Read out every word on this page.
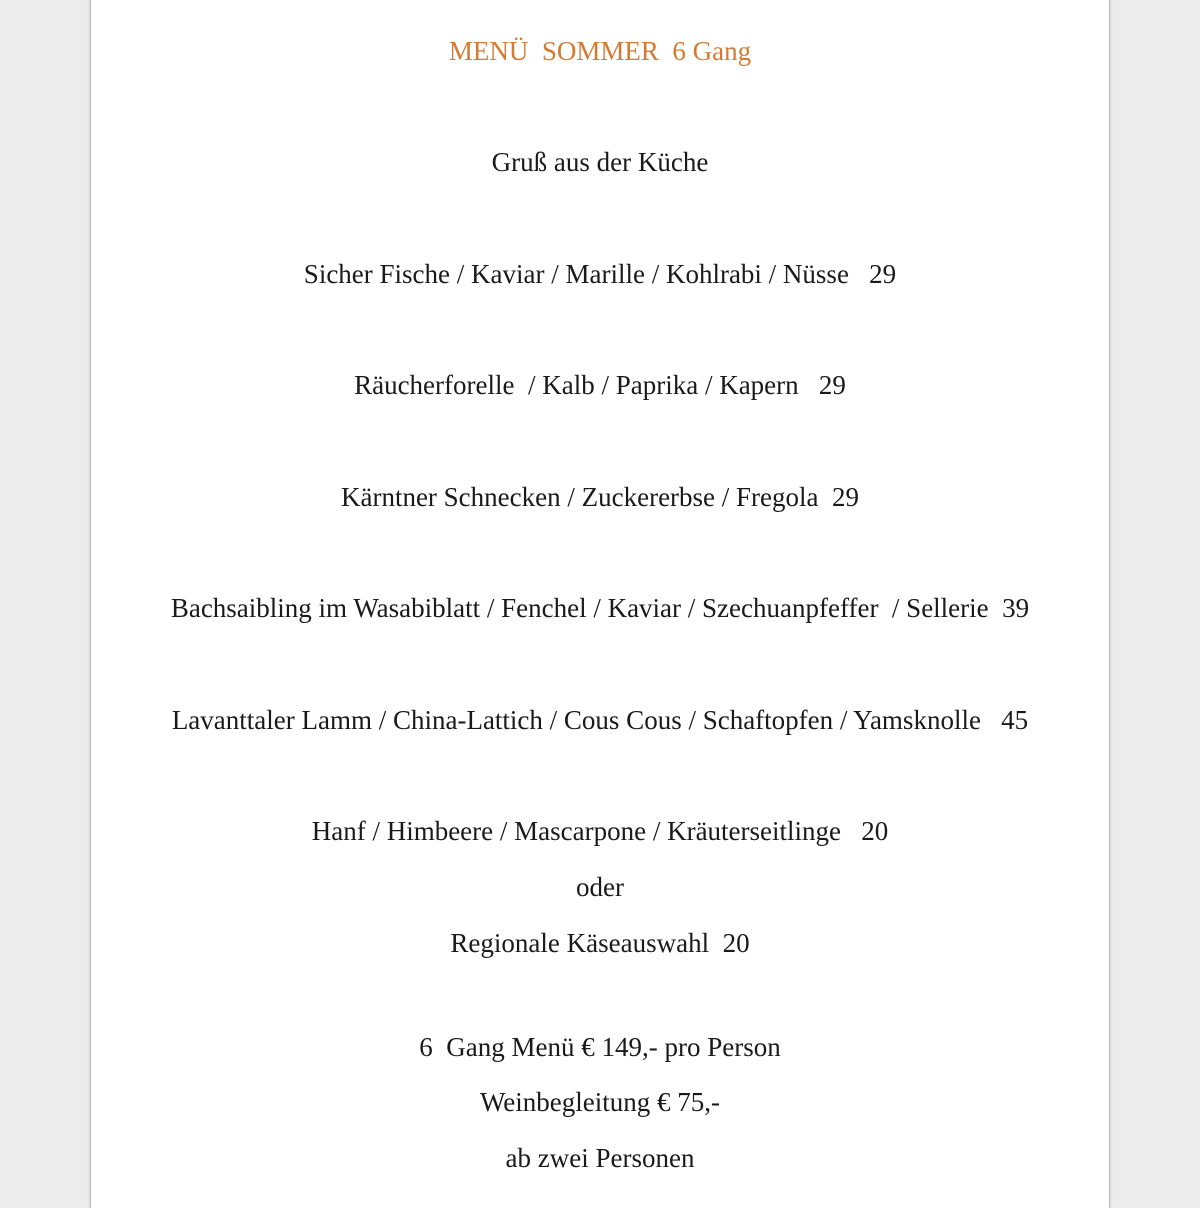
MENÜ  SOMMER  6 Gang
Gruß aus der Küche
Sicher Fische / Kaviar / Marille / Kohlrabi / Nüsse   29
Räucherforelle  / Kalb / Paprika / Kapern   29
Kärntner Schnecken / Zuckererbse / Fregola  29
Bachsaibling im Wasabiblatt / Fenchel / Kaviar / Szechuanpfeffer  / Sellerie  39
Lavanttaler Lamm / China-Lattich / Cous Cous / Schaftopfen / Yamsknolle   45
Hanf / Himbeere / Mascarpone / Kräuterseitlinge   20
oder
Regionale Käseauswahl  20
6  Gang Menü € 149,- pro Person
Weinbegleitung € 75,-
ab zwei Personen
